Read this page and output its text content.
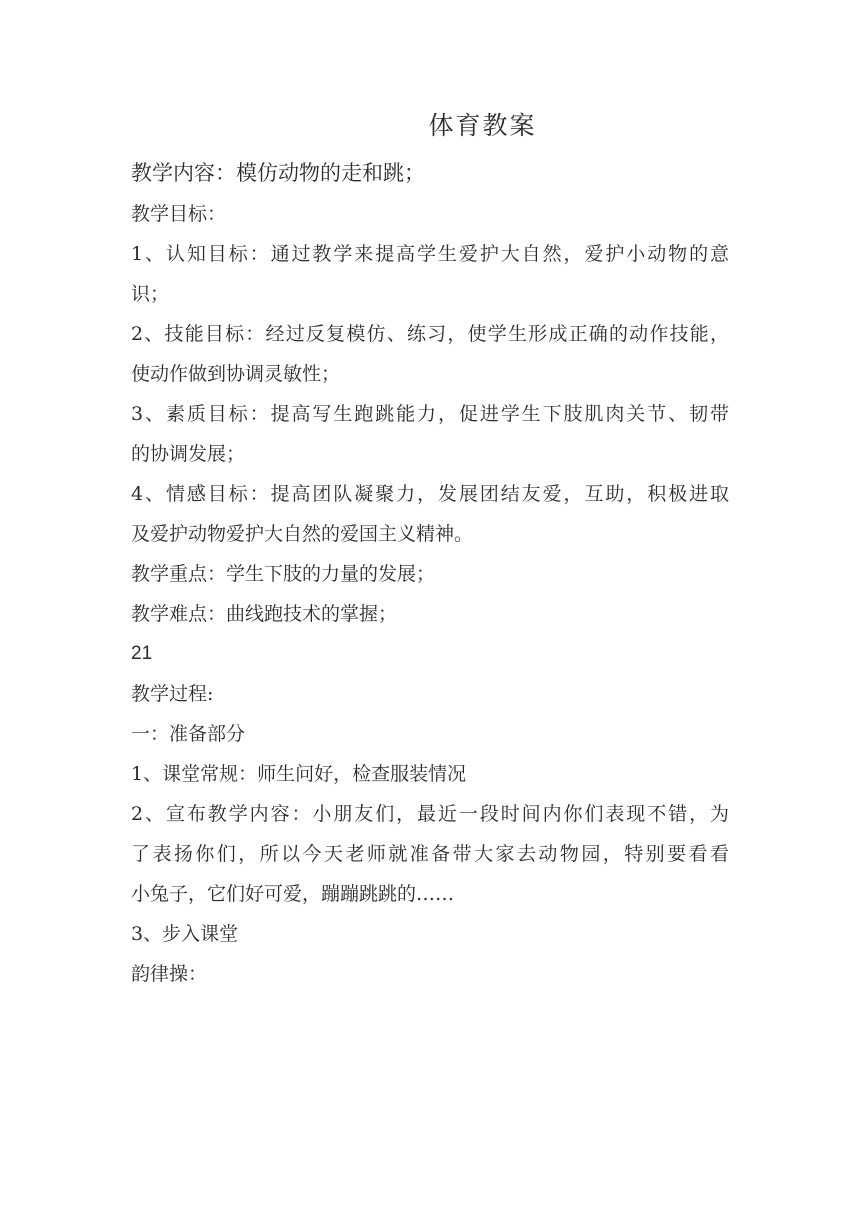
体育教案
教学内容：模仿动物的走和跳；
教学目标：
1、认知目标：通过教学来提高学生爱护大自然，爱护小动物的意
识；
2、技能目标：经过反复模仿、练习，使学生形成正确的动作技能，
使动作做到协调灵敏性；
3、素质目标：提高写生跑跳能力，促进学生下肢肌肉关节、韧带
的协调发展；
4、情感目标：提高团队凝聚力，发展团结友爱，互助，积极进取
及爱护动物爱护大自然的爱国主义精神。
教学重点：学生下肢的力量的发展；
教学难点：曲线跑技术的掌握；
21
教学过程:
一：准备部分
1、课堂常规：师生问好，检查服装情况
2、宣布教学内容：小朋友们，最近一段时间内你们表现不错，为
了表扬你们，所以今天老师就准备带大家去动物园，特别要看看
小兔子，它们好可爱，蹦蹦跳跳的……
3、步入课堂
韵律操：
